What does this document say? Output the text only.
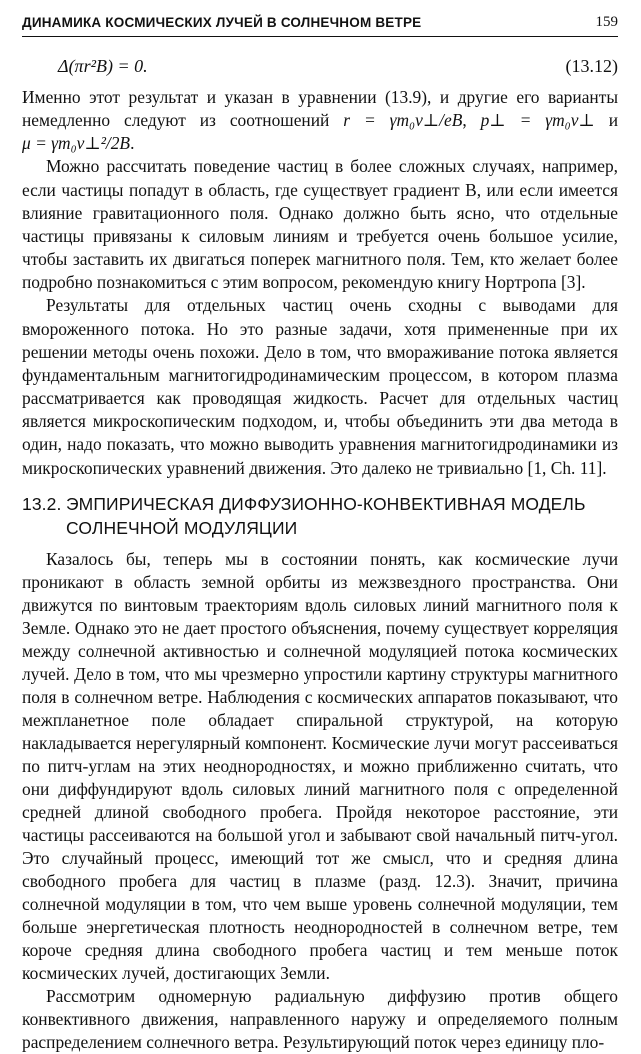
ДИНАМИКА КОСМИЧЕСКИХ ЛУЧЕЙ В СОЛНЕЧНОМ ВЕТРЕ	159
Δ(πr²B) = 0.	(13.12)

Именно этот результат и указан в уравнении (13.9), и другие его варианты немедленно следуют из соотношений r = γm₀v⊥/eB, p⊥ = γm₀v⊥ и μ = γm₀v⊥²/2B.

Можно рассчитать поведение частиц в более сложных случаях, например, если частицы попадут в область, где существует градиент B, или если имеется влияние гравитационного поля. Однако должно быть ясно, что отдельные частицы привязаны к силовым линиям и требуется очень большое усилие, чтобы заставить их двигаться поперек магнитного поля. Тем, кто желает более подробно познакомиться с этим вопросом, рекомендую книгу Нортропа [3].

Результаты для отдельных частиц очень сходны с выводами для вмороженного потока. Но это разные задачи, хотя примененные при их решении методы очень похожи. Дело в том, что вмораживание потока является фундаментальным магнитогидродинамическим процессом, в котором плазма рассматривается как проводящая жидкость. Расчет для отдельных частиц является микроскопическим подходом, и, чтобы объединить эти два метода в один, надо показать, что можно выводить уравнения магнитогидродинамики из микроскопических уравнений движения. Это далеко не тривиально [1, Ch. 11].

13.2. ЭМПИРИЧЕСКАЯ ДИФФУЗИОННО-КОНВЕКТИВНАЯ МОДЕЛЬ
СОЛНЕЧНОЙ МОДУЛЯЦИИ

Казалось бы, теперь мы в состоянии понять, как космические лучи проникают в область земной орбиты из межзвездного пространства. Они движутся по винтовым траекториям вдоль силовых линий магнитного поля к Земле. Однако это не дает простого объяснения, почему существует корреляция между солнечной активностью и солнечной модуляцией потока космических лучей. Дело в том, что мы чрезмерно упростили картину структуры магнитного поля в солнечном ветре. Наблюдения с космических аппаратов показывают, что межпланетное поле обладает спиральной структурой, на которую накладывается нерегулярный компонент. Космические лучи могут рассеиваться по питч-углам на этих неоднородностях, и можно приближенно считать, что они диффундируют вдоль силовых линий магнитного поля с определенной средней длиной свободного пробега. Пройдя некоторое расстояние, эти частицы рассеиваются на большой угол и забывают свой начальный питч-угол. Это случайный процесс, имеющий тот же смысл, что и средняя длина свободного пробега для частиц в плазме (разд. 12.3). Значит, причина солнечной модуляции в том, что чем выше уровень солнечной модуляции, тем больше энергетическая плотность неоднородностей в солнечном ветре, тем короче средняя длина свободного пробега частиц и тем меньше поток космических лучей, достигающих Земли.

Рассмотрим одномерную радиальную диффузию против общего конвективного движения, направленного наружу и определяемого полным распределением солнечного ветра. Результирующий поток через единицу пло-
